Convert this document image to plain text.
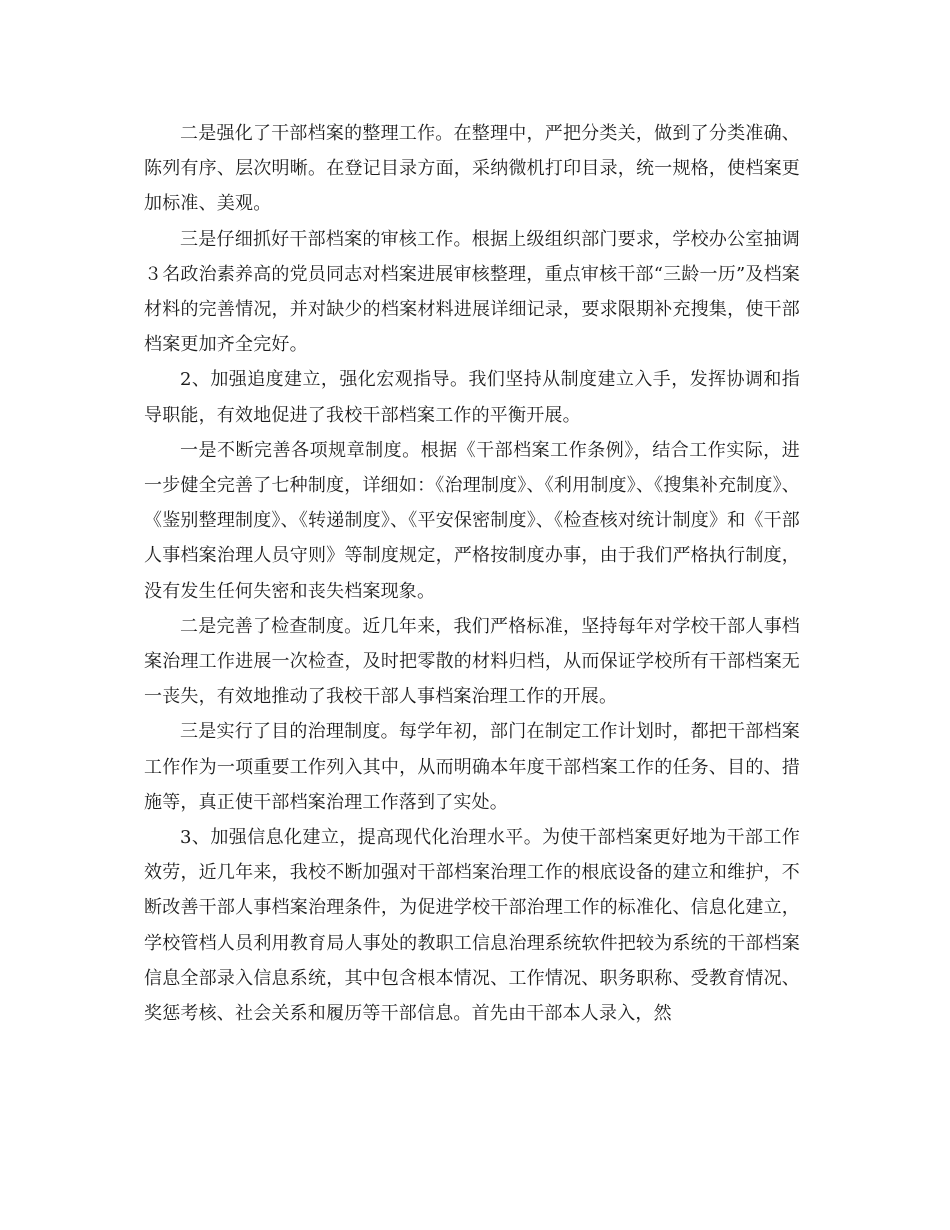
二是强化了干部档案的整理工作。在整理中，严把分类关，做到了分类准确、陈列有序、层次明晰。在登记目录方面，采纳微机打印目录，统一规格，使档案更加标准、美观。

三是仔细抓好干部档案的审核工作。根据上级组织部门要求，学校办公室抽调３名政治素养高的党员同志对档案进展审核整理，重点审核干部“三龄一历”及档案材料的完善情况，并对缺少的档案材料进展详细记录，要求限期补充搜集，使干部档案更加齐全完好。

2、加强追度建立，强化宏观指导。我们坚持从制度建立入手，发挥协调和指导职能，有效地促进了我校干部档案工作的平衡开展。

一是不断完善各项规章制度。根据《干部档案工作条例》，结合工作实际，进一步健全完善了七种制度，详细如：《治理制度》、《利用制度》、《搜集补充制度》、《鉴别整理制度》、《转递制度》、《平安保密制度》、《检查核对统计制度》和《干部人事档案治理人员守则》等制度规定，严格按制度办事，由于我们严格执行制度，没有发生任何失密和丧失档案现象。

二是完善了检查制度。近几年来，我们严格标准，坚持每年对学校干部人事档案治理工作进展一次检查，及时把零散的材料归档，从而保证学校所有干部档案无一丧失，有效地推动了我校干部人事档案治理工作的开展。

三是实行了目的治理制度。每学年初，部门在制定工作计划时，都把干部档案工作作为一项重要工作列入其中，从而明确本年度干部档案工作的任务、目的、措施等，真正使干部档案治理工作落到了实处。

3、加强信息化建立，提高现代化治理水平。为使干部档案更好地为干部工作效劳，近几年来，我校不断加强对干部档案治理工作的根底设备的建立和维护，不断改善干部人事档案治理条件，为促进学校干部治理工作的标准化、信息化建立，学校管档人员利用教育局人事处的教职工信息治理系统软件把较为系统的干部档案信息全部录入信息系统，其中包含根本情况、工作情况、职务职称、受教育情况、奖惩考核、社会关系和履历等干部信息。首先由干部本人录入，然
